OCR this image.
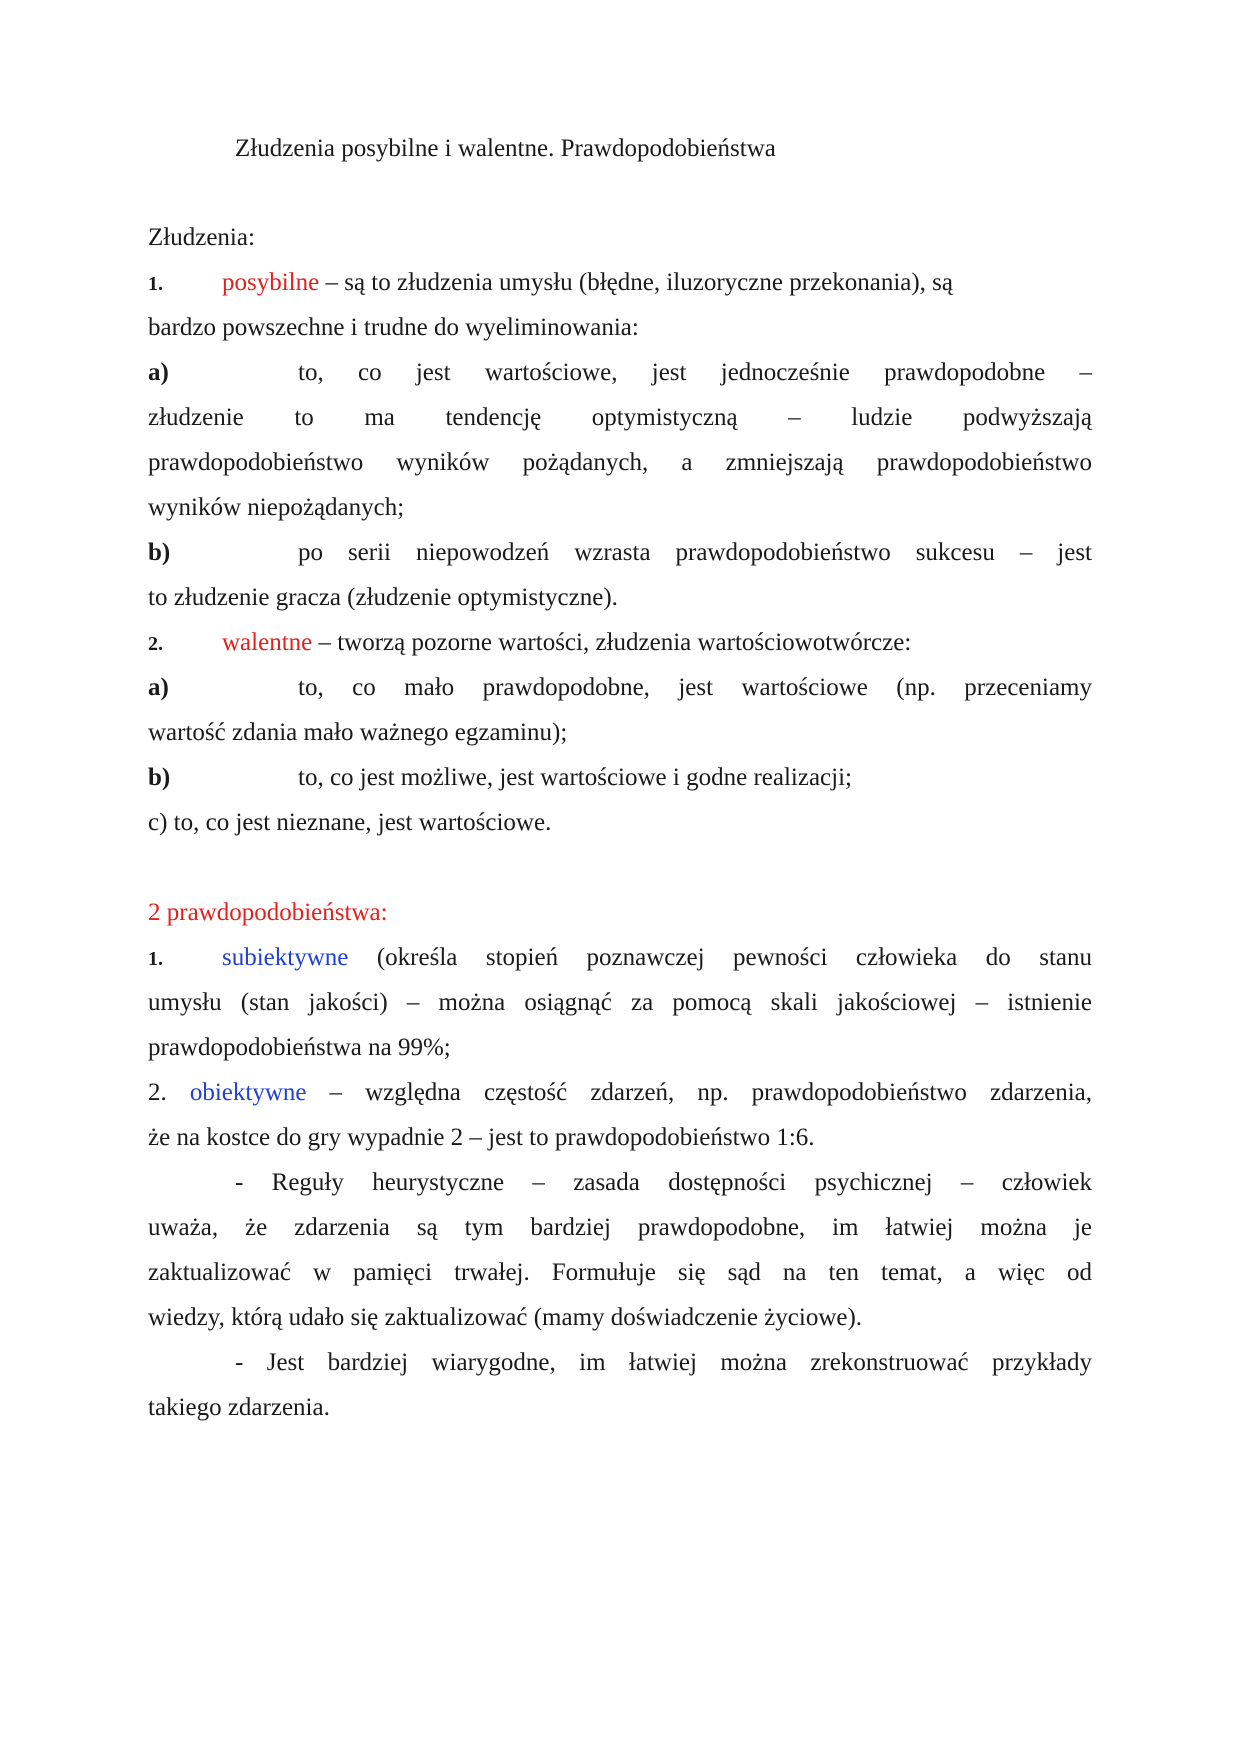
Złudzenia posybilne i walentne. Prawdopodobieństwa
Złudzenia:
1. posybilne – są to złudzenia umysłu (błędne, iluzoryczne przekonania), są
bardzo powszechne i trudne do wyeliminowania:
a)	to, co jest wartościowe, jest jednocześnie prawdopodobne –
złudzenie to ma tendencję optymistyczną – ludzie podwyższają
prawdopodobieństwo wyników pożądanych, a zmniejszają prawdopodobieństwo
wyników niepożądanych;
b)	po serii niepowodzeń wzrasta prawdopodobieństwo sukcesu – jest
to złudzenie gracza (złudzenie optymistyczne).
2. walentne – tworzą pozorne wartości, złudzenia wartościowotwórcze:
a)	to, co mało prawdopodobne, jest wartościowe (np. przeceniamy
wartość zdania mało ważnego egzaminu);
b)	to, co jest możliwe, jest wartościowe i godne realizacji;
c) to, co jest nieznane, jest wartościowe.
2 prawdopodobieństwa:
1. subiektywne (określa stopień poznawczej pewności człowieka do stanu
umysłu (stan jakości) – można osiągnąć za pomocą skali jakościowej – istnienie
prawdopodobieństwa na 99%;
2. obiektywne – względna częstość zdarzeń, np. prawdopodobieństwo zdarzenia,
że na kostce do gry wypadnie 2 – jest to prawdopodobieństwo 1:6.
- Reguły heurystyczne – zasada dostępności psychicznej – człowiek
uważa, że zdarzenia są tym bardziej prawdopodobne, im łatwiej można je
zaktualizować w pamięci trwałej. Formułuje się sąd na ten temat, a więc od
wiedzy, którą udało się zaktualizować (mamy doświadczenie życiowe).
- Jest bardziej wiarygodne, im łatwiej można zrekonstruować przykłady
takiego zdarzenia.
